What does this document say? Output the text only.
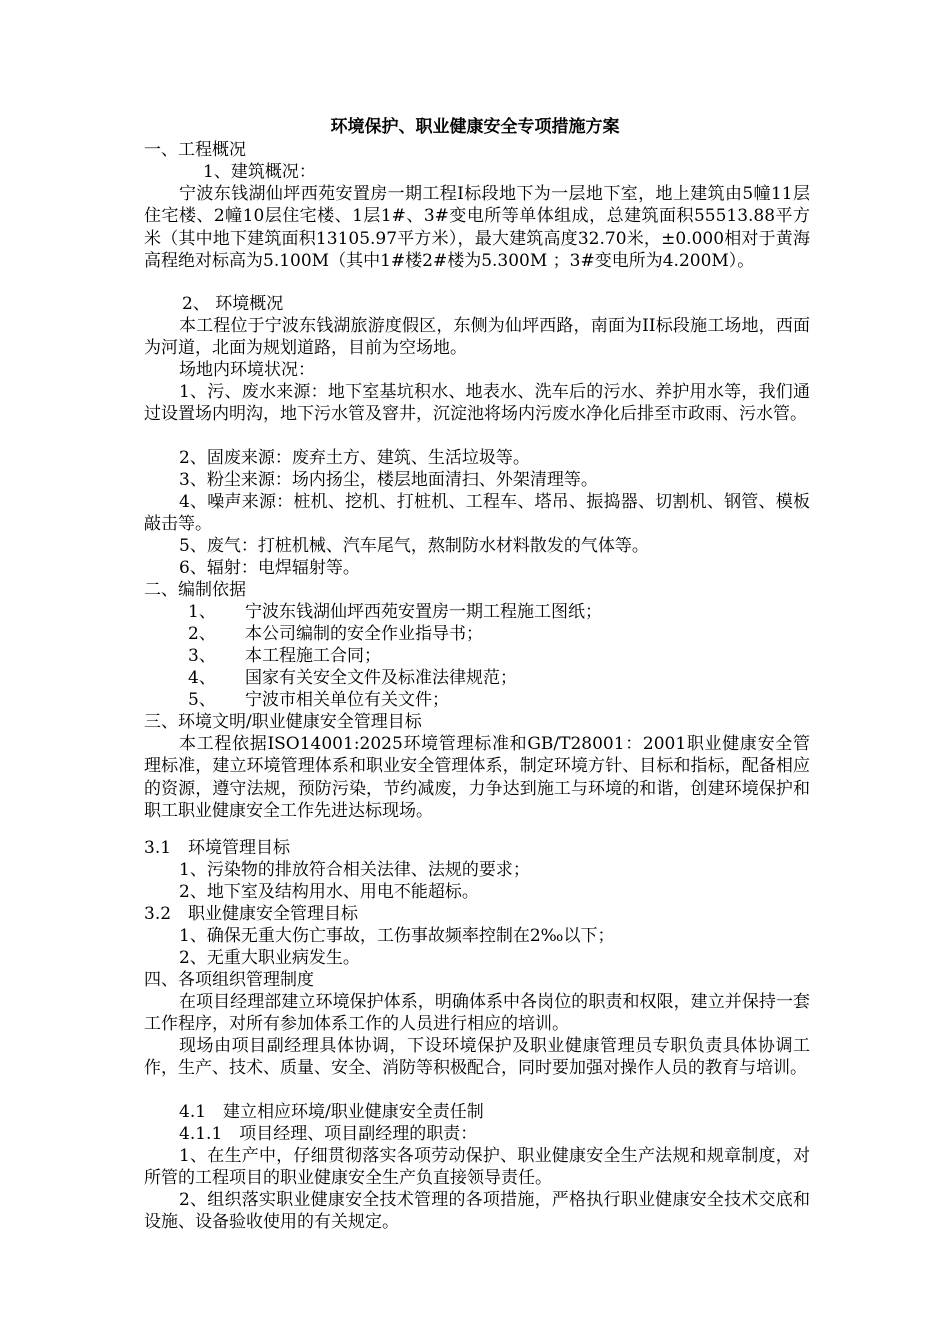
环境保护、职业健康安全专项措施方案

一、工程概况

1、建筑概况：

宁波东钱湖仙坪西苑安置房一期工程Ⅰ标段地下为一层地下室，地上建筑由5幢11层住宅楼、2幢10层住宅楼、1层1#、3#变电所等单体组成，总建筑面积55513.88平方米（其中地下建筑面积13105.97平方米），最大建筑高度32.70米，±0.000相对于黄海高程绝对标高为5.100M（其中1#楼2#楼为5.300M ；3#变电所为4.200M）。

2、 环境概况

本工程位于宁波东钱湖旅游度假区，东侧为仙坪西路，南面为II标段施工场地，西面为河道，北面为规划道路，目前为空场地。

场地内环境状况：

1、污、废水来源：地下室基坑积水、地表水、洗车后的污水、养护用水等，我们通过设置场内明沟，地下污水管及窨井，沉淀池将场内污废水净化后排至市政雨、污水管。

2、固废来源：废弃土方、建筑、生活垃圾等。

3、粉尘来源：场内扬尘，楼层地面清扫、外架清理等。

4、噪声来源：桩机、挖机、打桩机、工程车、塔吊、振捣器、切割机、钢管、模板敲击等。

5、废气：打桩机械、汽车尾气，熬制防水材料散发的气体等。

6、辐射：电焊辐射等。

二、编制依据

1、 宁波东钱湖仙坪西苑安置房一期工程施工图纸；
2、 本公司编制的安全作业指导书；
3、 本工程施工合同；
4、 国家有关安全文件及标准法律规范；
5、 宁波市相关单位有关文件；

三、环境文明/职业健康安全管理目标

本工程依据ISO14001:2025环境管理标准和GB/T28001：2001职业健康安全管理标准，建立环境管理体系和职业安全管理体系，制定环境方针、目标和指标，配备相应的资源，遵守法规，预防污染，节约减废，力争达到施工与环境的和谐，创建环境保护和职工职业健康安全工作先进达标现场。

3.1　环境管理目标

1、污染物的排放符合相关法律、法规的要求；

2、地下室及结构用水、用电不能超标。

3.2　职业健康安全管理目标

1、确保无重大伤亡事故，工伤事故频率控制在2‰以下；

2、无重大职业病发生。

四、各项组织管理制度

在项目经理部建立环境保护体系，明确体系中各岗位的职责和权限，建立并保持一套工作程序，对所有参加体系工作的人员进行相应的培训。

现场由项目副经理具体协调，下设环境保护及职业健康管理员专职负责具体协调工作，生产、技术、质量、安全、消防等积极配合，同时要加强对操作人员的教育与培训。

4.1　建立相应环境/职业健康安全责任制

4.1.1　项目经理、项目副经理的职责：

1、在生产中，仔细贯彻落实各项劳动保护、职业健康安全生产法规和规章制度，对所管的工程项目的职业健康安全生产负直接领导责任。

2、组织落实职业健康安全技术管理的各项措施，严格执行职业健康安全技术交底和设施、设备验收使用的有关规定。
